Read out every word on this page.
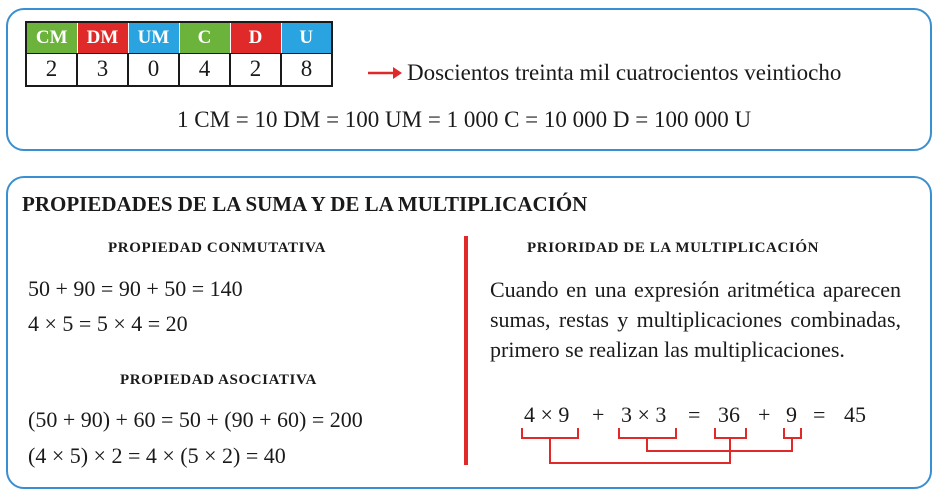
CM	DM	UM	C	D	U
2	3	0	4	2	8	Doscientos treinta mil cuatrocientos veintiocho
1 CM = 10 DM = 100 UM = 1 000 C = 10 000 D = 100 000 U
PROPIEDADES DE LA SUMA Y DE LA MULTIPLICACIÓN
PROPIEDAD CONMUTATIVA
50 + 90 = 90 + 50 = 140
4 × 5 = 5 × 4 = 20
PROPIEDAD ASOCIATIVA
(50 + 90) + 60 = 50 + (90 + 60) = 200
(4 × 5) × 2 = 4 × (5 × 2) = 40
PRIORIDAD DE LA MULTIPLICACIÓN
Cuando en una expresión aritmética aparecen sumas, restas y multiplicaciones combinadas, primero se realizan las multiplicaciones.
4 × 9 + 3 × 3 = 36 + 9 = 45
